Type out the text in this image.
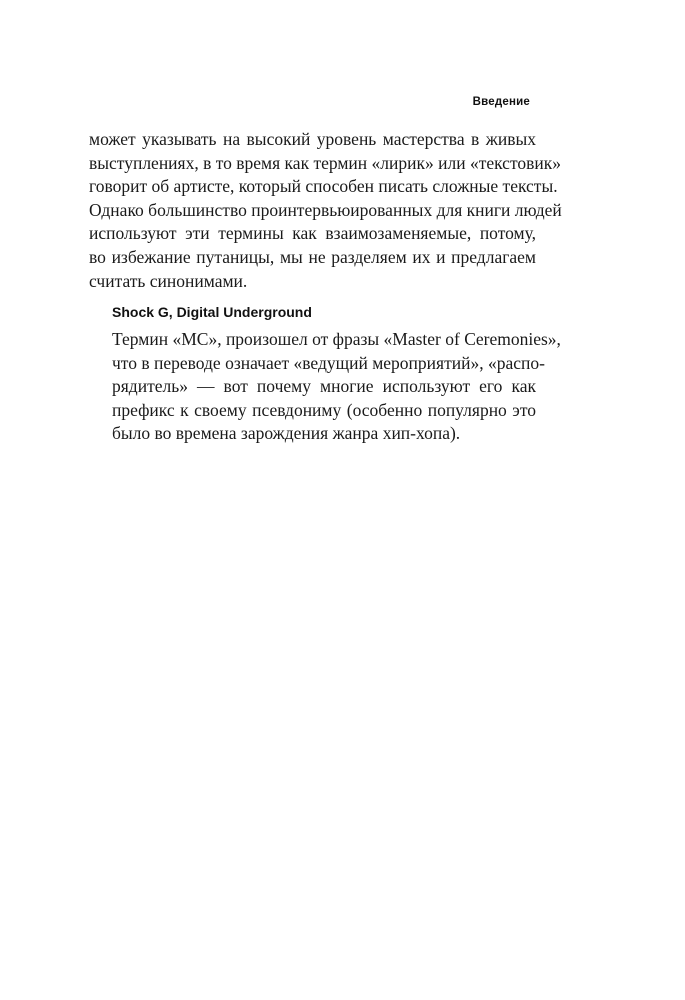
Введение
может указывать на высокий уровень мастерства в живых
выступлениях, в то время как термин «лирик» или «текстовик»
говорит об артисте, который способен писать сложные тексты.
Однако большинство проинтервьюированных для книги людей
используют эти термины как взаимозаменяемые, потому,
во избежание путаницы, мы не разделяем их и предлагаем
считать синонимами.
Shock G, Digital Underground
Термин «MC», произошел от фразы «Master of Ceremonies»,
что в переводе означает «ведущий мероприятий», «распо-
рядитель» — вот почему многие используют его как
префикс к своему псевдониму (особенно популярно это
было во времена зарождения жанра хип-хопа).
